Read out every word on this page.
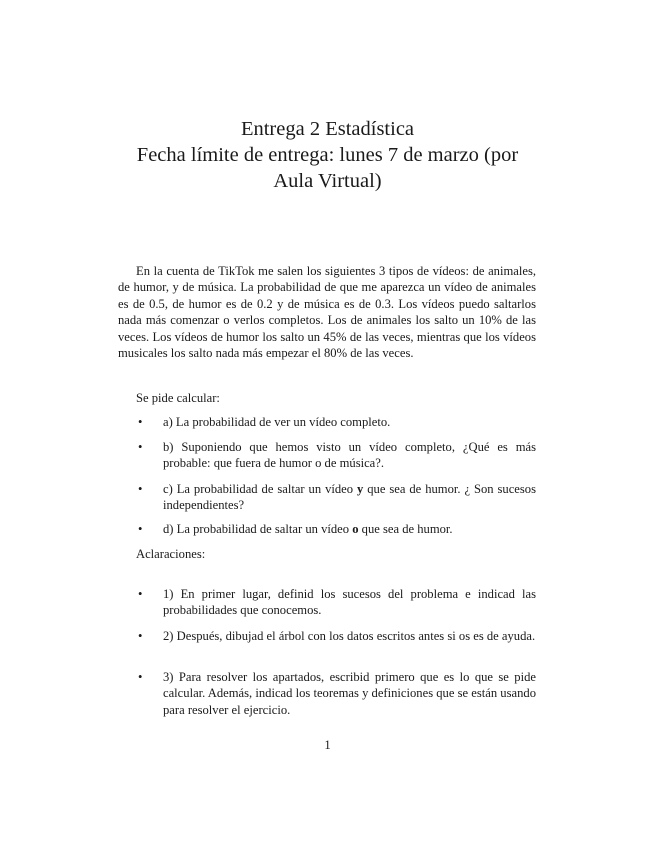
Entrega 2 Estadística
Fecha límite de entrega: lunes 7 de marzo (por
Aula Virtual)
En la cuenta de TikTok me salen los siguientes 3 tipos de vídeos: de animales, de humor, y de música. La probabilidad de que me aparezca un vídeo de animales es de 0.5, de humor es de 0.2 y de música es de 0.3. Los vídeos puedo saltarlos nada más comenzar o verlos completos. Los de animales los salto un 10% de las veces. Los vídeos de humor los salto un 45% de las veces, mientras que los vídeos musicales los salto nada más empezar el 80% de las veces.
Se pide calcular:
• a) La probabilidad de ver un vídeo completo.
• b) Suponiendo que hemos visto un vídeo completo, ¿Qué es más probable: que fuera de humor o de música?.
• c) La probabilidad de saltar un vídeo y que sea de humor. ¿ Son sucesos independientes?
• d) La probabilidad de saltar un vídeo o que sea de humor.
Aclaraciones:
• 1) En primer lugar, definid los sucesos del problema e indicad las probabilidades que conocemos.
• 2) Después, dibujad el árbol con los datos escritos antes si os es de ayuda.
• 3) Para resolver los apartados, escribid primero que es lo que se pide calcular. Además, indicad los teoremas y definiciones que se están usando para resolver el ejercicio.
1
